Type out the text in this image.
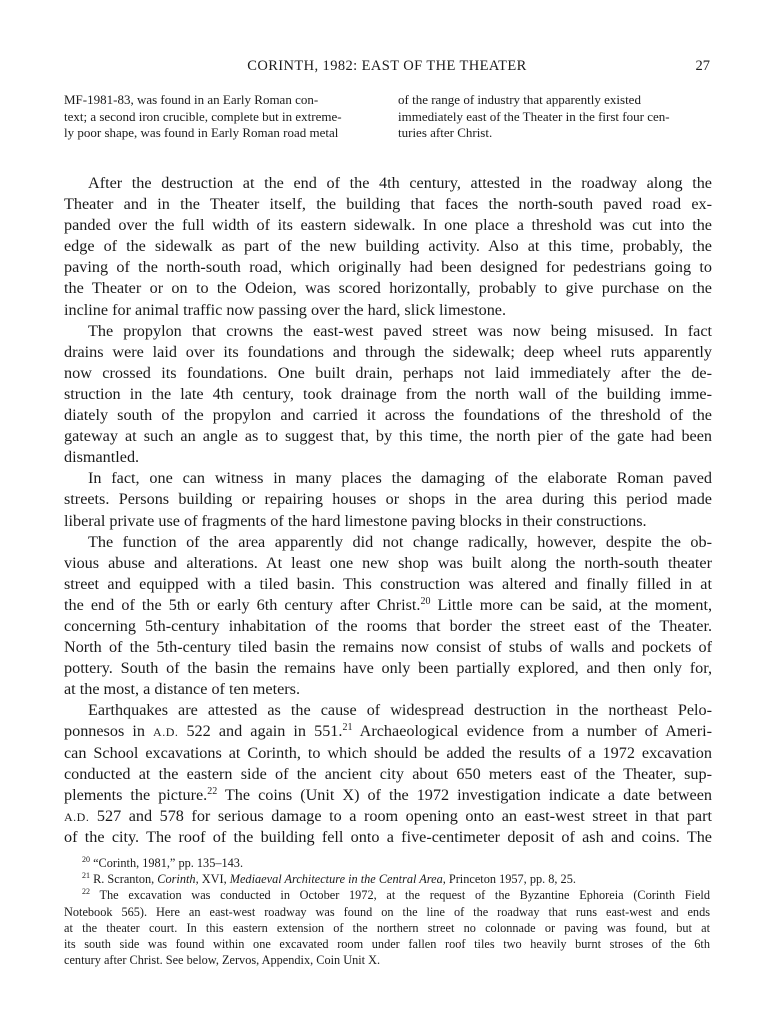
CORINTH, 1982: EAST OF THE THEATER	27
MF-1981-83, was found in an Early Roman con-
text; a second iron crucible, complete but in extreme-
ly poor shape, was found in Early Roman road metal
of the range of industry that apparently existed
immediately east of the Theater in the first four cen-
turies after Christ.
After the destruction at the end of the 4th century, attested in the roadway along the
Theater and in the Theater itself, the building that faces the north-south paved road ex-
panded over the full width of its eastern sidewalk. In one place a threshold was cut into the
edge of the sidewalk as part of the new building activity. Also at this time, probably, the
paving of the north-south road, which originally had been designed for pedestrians going to
the Theater or on to the Odeion, was scored horizontally, probably to give purchase on the
incline for animal traffic now passing over the hard, slick limestone.
The propylon that crowns the east-west paved street was now being misused. In fact
drains were laid over its foundations and through the sidewalk; deep wheel ruts apparently
now crossed its foundations. One built drain, perhaps not laid immediately after the de-
struction in the late 4th century, took drainage from the north wall of the building imme-
diately south of the propylon and carried it across the foundations of the threshold of the
gateway at such an angle as to suggest that, by this time, the north pier of the gate had been
dismantled.
In fact, one can witness in many places the damaging of the elaborate Roman paved
streets. Persons building or repairing houses or shops in the area during this period made
liberal private use of fragments of the hard limestone paving blocks in their constructions.
The function of the area apparently did not change radically, however, despite the ob-
vious abuse and alterations. At least one new shop was built along the north-south theater
street and equipped with a tiled basin. This construction was altered and finally filled in at
the end of the 5th or early 6th century after Christ.$^{20}$ Little more can be said, at the moment,
concerning 5th-century inhabitation of the rooms that border the street east of the Theater.
North of the 5th-century tiled basin the remains now consist of stubs of walls and pockets of
pottery. South of the basin the remains have only been partially explored, and then only for,
at the most, a distance of ten meters.
Earthquakes are attested as the cause of widespread destruction in the northeast Pelo-
ponnesos in A.D. 522 and again in 551.21 Archaeological evidence from a number of Ameri-
can School excavations at Corinth, to which should be added the results of a 1972 excavation
conducted at the eastern side of the ancient city about 650 meters east of the Theater, sup-
plements the picture.$^{22}$ The coins (Unit X) of the 1972 investigation indicate a date between
A.D. 527 and 578 for serious damage to a room opening onto an east-west street in that part
of the city. The roof of the building fell onto a five-centimeter deposit of ash and coins. The
$^{20}$ “Corinth, 1981,” pp. 135–143.
$^{21}$ R. Scranton, Corinth, XVI, Mediaeval Architecture in the Central Area, Princeton 1957, pp. 8, 25.
$^{22}$ The excavation was conducted in October 1972, at the request of the Byzantine Ephoreia (Corinth Field
Notebook 565). Here an east-west roadway was found on the line of the roadway that runs east-west and ends
at the theater court. In this eastern extension of the northern street no colonnade or paving was found, but at
its south side was found within one excavated room under fallen roof tiles two heavily burnt stroses of the 6th
century after Christ. See below, Zervos, Appendix, Coin Unit X.
